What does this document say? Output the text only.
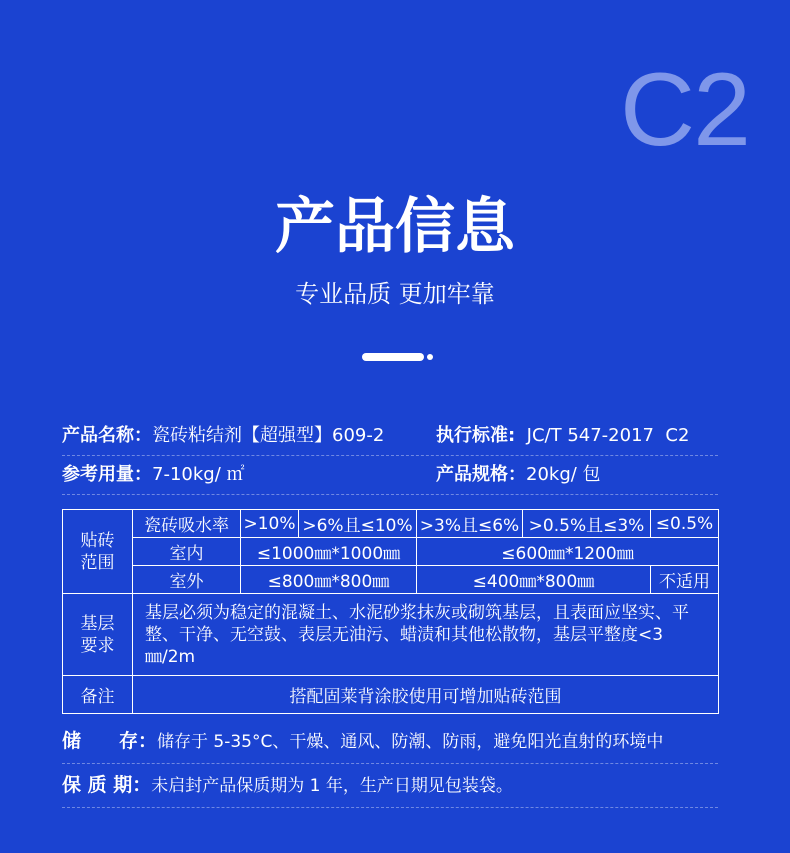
C2
产品信息
专业品质 更加牢靠
产品名称：瓷砖粘结剂【超强型】609-2	执行标准: JC/T 547-2017  C2
参考用量：7-10kg/ ㎡	产品规格：20kg/ 包
贴砖
范围	瓷砖吸水率	>10%	>6%且≤10%	>3%且≤6%	>0.5%且≤3%	≤0.5%
	室内	≤1000㎜*1000㎜		≤600㎜*1200㎜		
	室外	≤800㎜*800㎜		≤400㎜*800㎜		不适用
基层
要求	基层必须为稳定的混凝土、水泥砂浆抹灰或砌筑基层，且表面应坚实、平整、干净、无空鼓、表层无油污、蜡渍和其他松散物，基层平整度<3㎜/2m					
备注	搭配固莱背涂胶使用可增加贴砖范围					
储　　存：储存于 5-35°C、干燥、通风、防潮、防雨，避免阳光直射的环境中
保 质 期：未启封产品保质期为 1 年，生产日期见包装袋。
